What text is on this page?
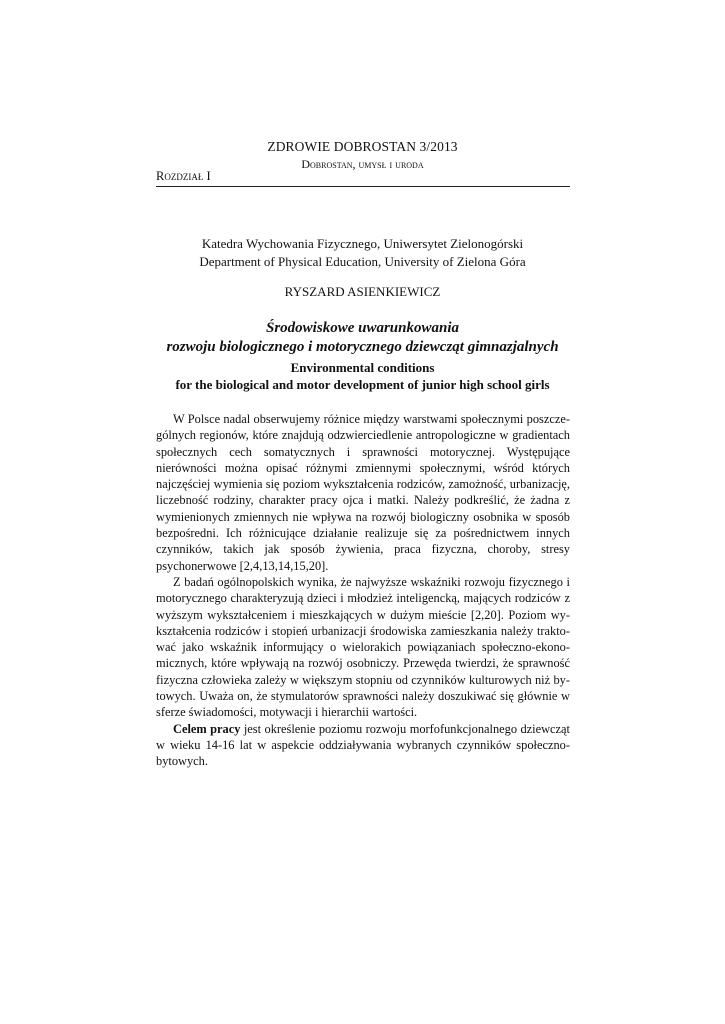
ZDROWIE DOBROSTAN 3/2013
Dobrostan, umysł i uroda
Rozdział I
Katedra Wychowania Fizycznego, Uniwersytet Zielonogórski
Department of Physical Education, University of Zielona Góra
RYSZARD ASIENKIEWICZ
Środowiskowe uwarunkowania
rozwoju biologicznego i motorycznego dziewcząt gimnazjalnych
Environmental conditions
for the biological and motor development of junior high school girls

W Polsce nadal obserwujemy różnice między warstwami społecznymi poszczególnych regionów, które znajdują odzwierciedlenie antropologiczne w gradientach społecznych cech somatycznych i sprawności motorycznej. Występujące nierówności można opisać różnymi zmiennymi społecznymi, wśród których najczęściej wymienia się poziom wykształcenia rodziców, zamożność, urbanizację, liczebność rodziny, charakter pracy ojca i matki. Należy podkreślić, że żadna z wymienionych zmiennych nie wpływa na rozwój biologiczny osobnika w sposób bezpośredni. Ich różnicujące działanie realizuje się za pośrednictwem innych czynników, takich jak sposób żywienia, praca fizyczna, choroby, stresy psychonerwowe [2,4,13,14,15,20].

Z badań ogólnopolskich wynika, że najwyższe wskaźniki rozwoju fizycznego i motorycznego charakteryzują dzieci i młodzież inteligencką, mających rodziców z wyższym wykształceniem i mieszkających w dużym mieście [2,20]. Poziom wykształcenia rodziców i stopień urbanizacji środowiska zamieszkania należy traktować jako wskaźnik informujący o wielorakich powiązaniach społeczno-ekonomicznych, które wpływają na rozwój osobniczy. Przewęda twierdzi, że sprawność fizyczna człowieka zależy w większym stopniu od czynników kulturowych niż bytowych. Uważa on, że stymulatorów sprawności należy doszukiwać się głównie w sferze świadomości, motywacji i hierarchii wartości.

Celem pracy jest określenie poziomu rozwoju morfofunkcjonalnego dziewcząt w wieku 14-16 lat w aspekcie oddziaływania wybranych czynników społecznobytowych.
